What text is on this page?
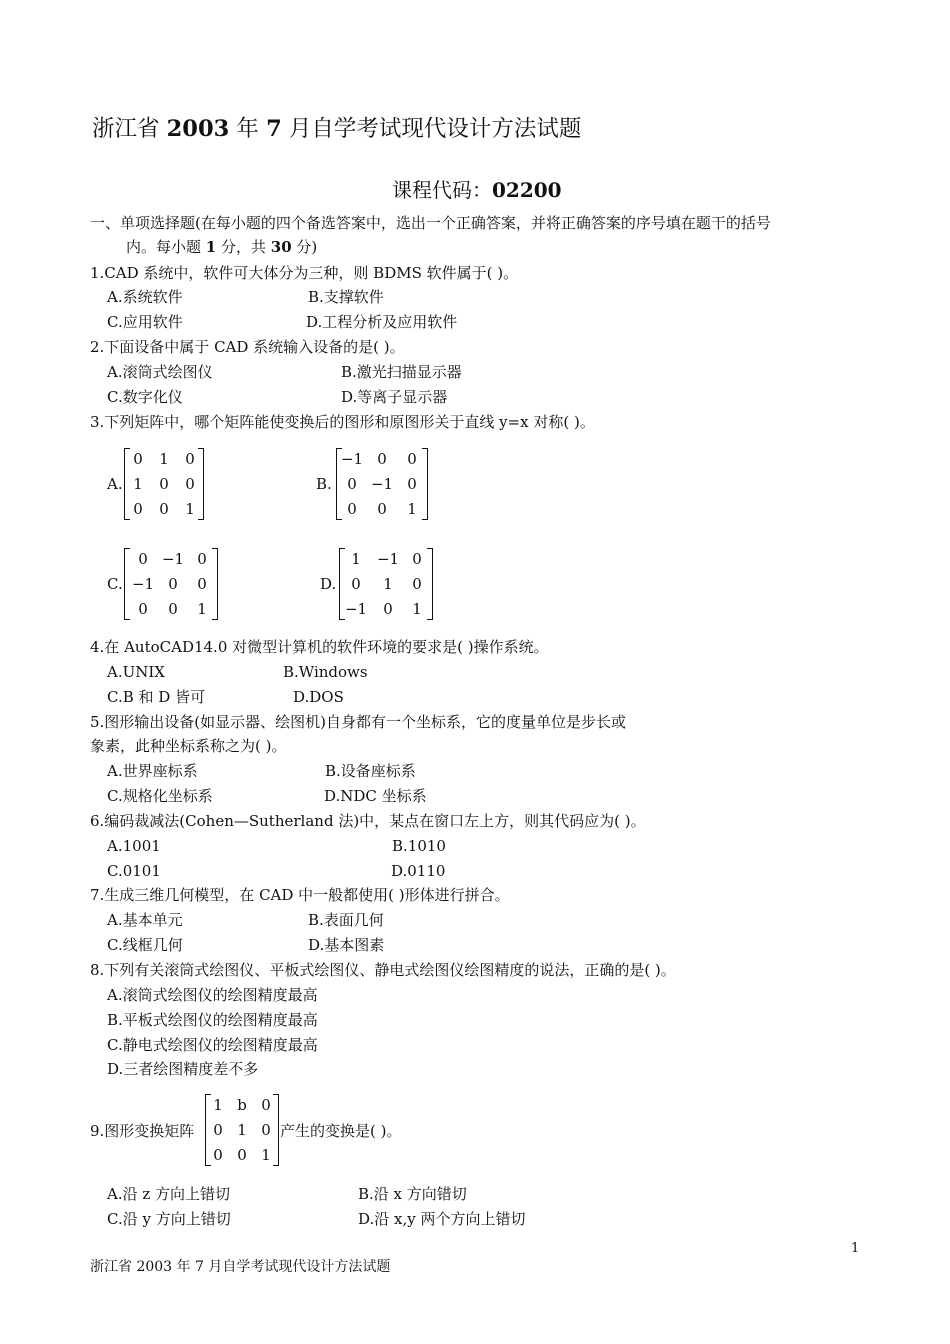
浙江省 2003 年 7 月自学考试现代设计方法试题
课程代码：02200
一、单项选择题(在每小题的四个备选答案中，选出一个正确答案，并将正确答案的序号填在题干的括号
内。每小题 1 分，共 30 分)
1.CAD 系统中，软件可大体分为三种，则 BDMS 软件属于( )。
A.系统软件	B.支撑软件
C.应用软件	D.工程分析及应用软件
2.下面设备中属于 CAD 系统输入设备的是( )。
A.滚筒式绘图仪	B.激光扫描显示器
C.数字化仪	D.等离子显示器
3.下列矩阵中，哪个矩阵能使变换后的图形和原图形关于直线 y=x 对称( )。
A.
0	1	0
1	0	0
0	0	1
B.
−1 0	0
0 −1 0
0	0	1
C.
0 −1 0
−1 0	0
0	0	1
D.
1	−1 0
0	1	0
−1	0	1
4.在 AutoCAD14.0 对微型计算机的软件环境的要求是( )操作系统。
A.UNIX	B.Windows
C.B 和 D 皆可	D.DOS
5.图形输出设备(如显示器、绘图机)自身都有一个坐标系，它的度量单位是步长或
象素，此种坐标系称之为( )。
A.世界座标系	B.设备座标系
C.规格化坐标系	D.NDC 坐标系
6.编码裁减法(Cohen—Sutherland 法)中，某点在窗口左上方，则其代码应为( )。
A.1001	B.1010
C.0101	D.0110
7.生成三维几何模型，在 CAD 中一般都使用( )形体进行拼合。
A.基本单元	B.表面几何
C.线框几何	D.基本图素
8.下列有关滚筒式绘图仪、平板式绘图仪、静电式绘图仪绘图精度的说法，正确的是( )。
A.滚筒式绘图仪的绘图精度最高
B.平板式绘图仪的绘图精度最高
C.静电式绘图仪的绘图精度最高
D.三者绘图精度差不多
9.图形变换矩阵
1 b 0
0 1 0
0 0 1
产生的变换是( )。
A.沿 z 方向上错切	B.沿 x 方向错切
C.沿 y 方向上错切	D.沿 x,y 两个方向上错切
1
浙江省 2003 年 7 月自学考试现代设计方法试题
